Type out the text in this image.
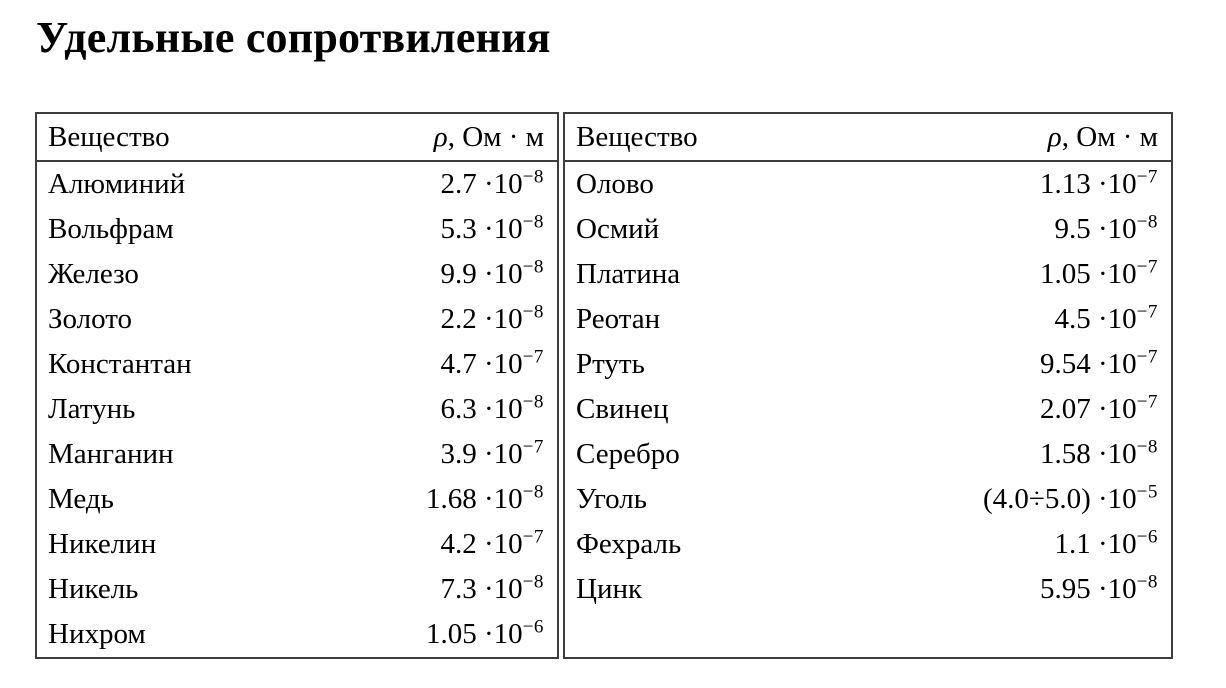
Удельные сопротвиления
Вещество	ρ, Ом · м
Алюминий	$2.7 \cdot 10^{-8}$
Вольфрам	$5.3 \cdot 10^{-8}$
Железо	$9.9 \cdot 10^{-8}$
Золото	$2.2 \cdot 10^{-8}$
Константан	$4.7 \cdot 10^{-7}$
Латунь	$6.3 \cdot 10^{-8}$
Манганин	$3.9 \cdot 10^{-7}$
Медь	$1.68 \cdot 10^{-8}$
Никелин	$4.2 \cdot 10^{-7}$
Никель	$7.3 \cdot 10^{-8}$
Нихром	$1.05 \cdot 10^{-6}$
Вещество	ρ, Ом · м
Олово	$1.13 \cdot 10^{-7}$
Осмий	$9.5 \cdot 10^{-8}$
Платина	$1.05 \cdot 10^{-7}$
Реотан	$4.5 \cdot 10^{-7}$
Ртуть	$9.54 \cdot 10^{-7}$
Свинец	$2.07 \cdot 10^{-7}$
Серебро	$1.58 \cdot 10^{-8}$
Уголь	$(4.0\div 5.0) \cdot 10^{-5}$
Фехраль	$1.1 \cdot 10^{-6}$
Цинк	$5.95 \cdot 10^{-8}$
